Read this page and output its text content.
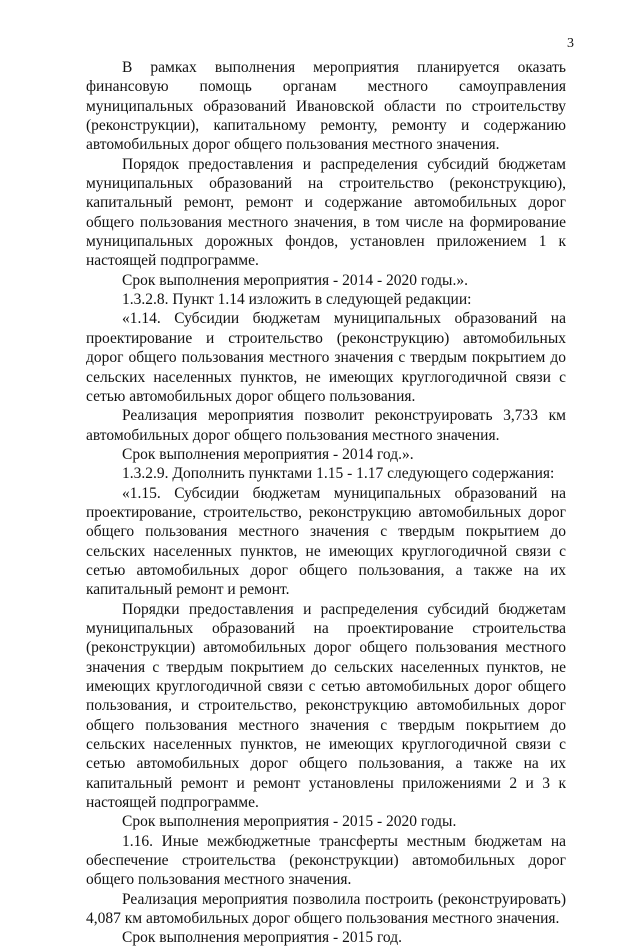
3

В рамках выполнения мероприятия планируется оказать финансовую помощь органам местного самоуправления муниципальных образований Ивановской области по строительству (реконструкции), капитальному ремонту, ремонту и содержанию автомобильных дорог общего пользования местного значения.

Порядок предоставления и распределения субсидий бюджетам муниципальных образований на строительство (реконструкцию), капитальный ремонт, ремонт и содержание автомобильных дорог общего пользования местного значения, в том числе на формирование муниципальных дорожных фондов, установлен приложением 1 к настоящей подпрограмме.

Срок выполнения мероприятия - 2014 - 2020 годы.».

1.3.2.8. Пункт 1.14 изложить в следующей редакции:

«1.14. Субсидии бюджетам муниципальных образований на проектирование и строительство (реконструкцию) автомобильных дорог общего пользования местного значения с твердым покрытием до сельских населенных пунктов, не имеющих круглогодичной связи с сетью автомобильных дорог общего пользования.

Реализация мероприятия позволит реконструировать 3,733 км автомобильных дорог общего пользования местного значения.

Срок выполнения мероприятия - 2014 год.».

1.3.2.9. Дополнить пунктами 1.15 - 1.17 следующего содержания:

«1.15. Субсидии бюджетам муниципальных образований на проектирование, строительство, реконструкцию автомобильных дорог общего пользования местного значения с твердым покрытием до сельских населенных пунктов, не имеющих круглогодичной связи с сетью автомобильных дорог общего пользования, а также на их капитальный ремонт и ремонт.

Порядки предоставления и распределения субсидий бюджетам муниципальных образований на проектирование строительства (реконструкции) автомобильных дорог общего пользования местного значения с твердым покрытием до сельских населенных пунктов, не имеющих круглогодичной связи с сетью автомобильных дорог общего пользования, и строительство, реконструкцию автомобильных дорог общего пользования местного значения с твердым покрытием до сельских населенных пунктов, не имеющих круглогодичной связи с сетью автомобильных дорог общего пользования, а также на их капитальный ремонт и ремонт установлены приложениями 2 и 3 к настоящей подпрограмме.

Срок выполнения мероприятия - 2015 - 2020 годы.

1.16. Иные межбюджетные трансферты местным бюджетам на обеспечение строительства (реконструкции) автомобильных дорог общего пользования местного значения.

Реализация мероприятия позволила построить (реконструировать) 4,087 км автомобильных дорог общего пользования местного значения.

Срок выполнения мероприятия - 2015 год.
